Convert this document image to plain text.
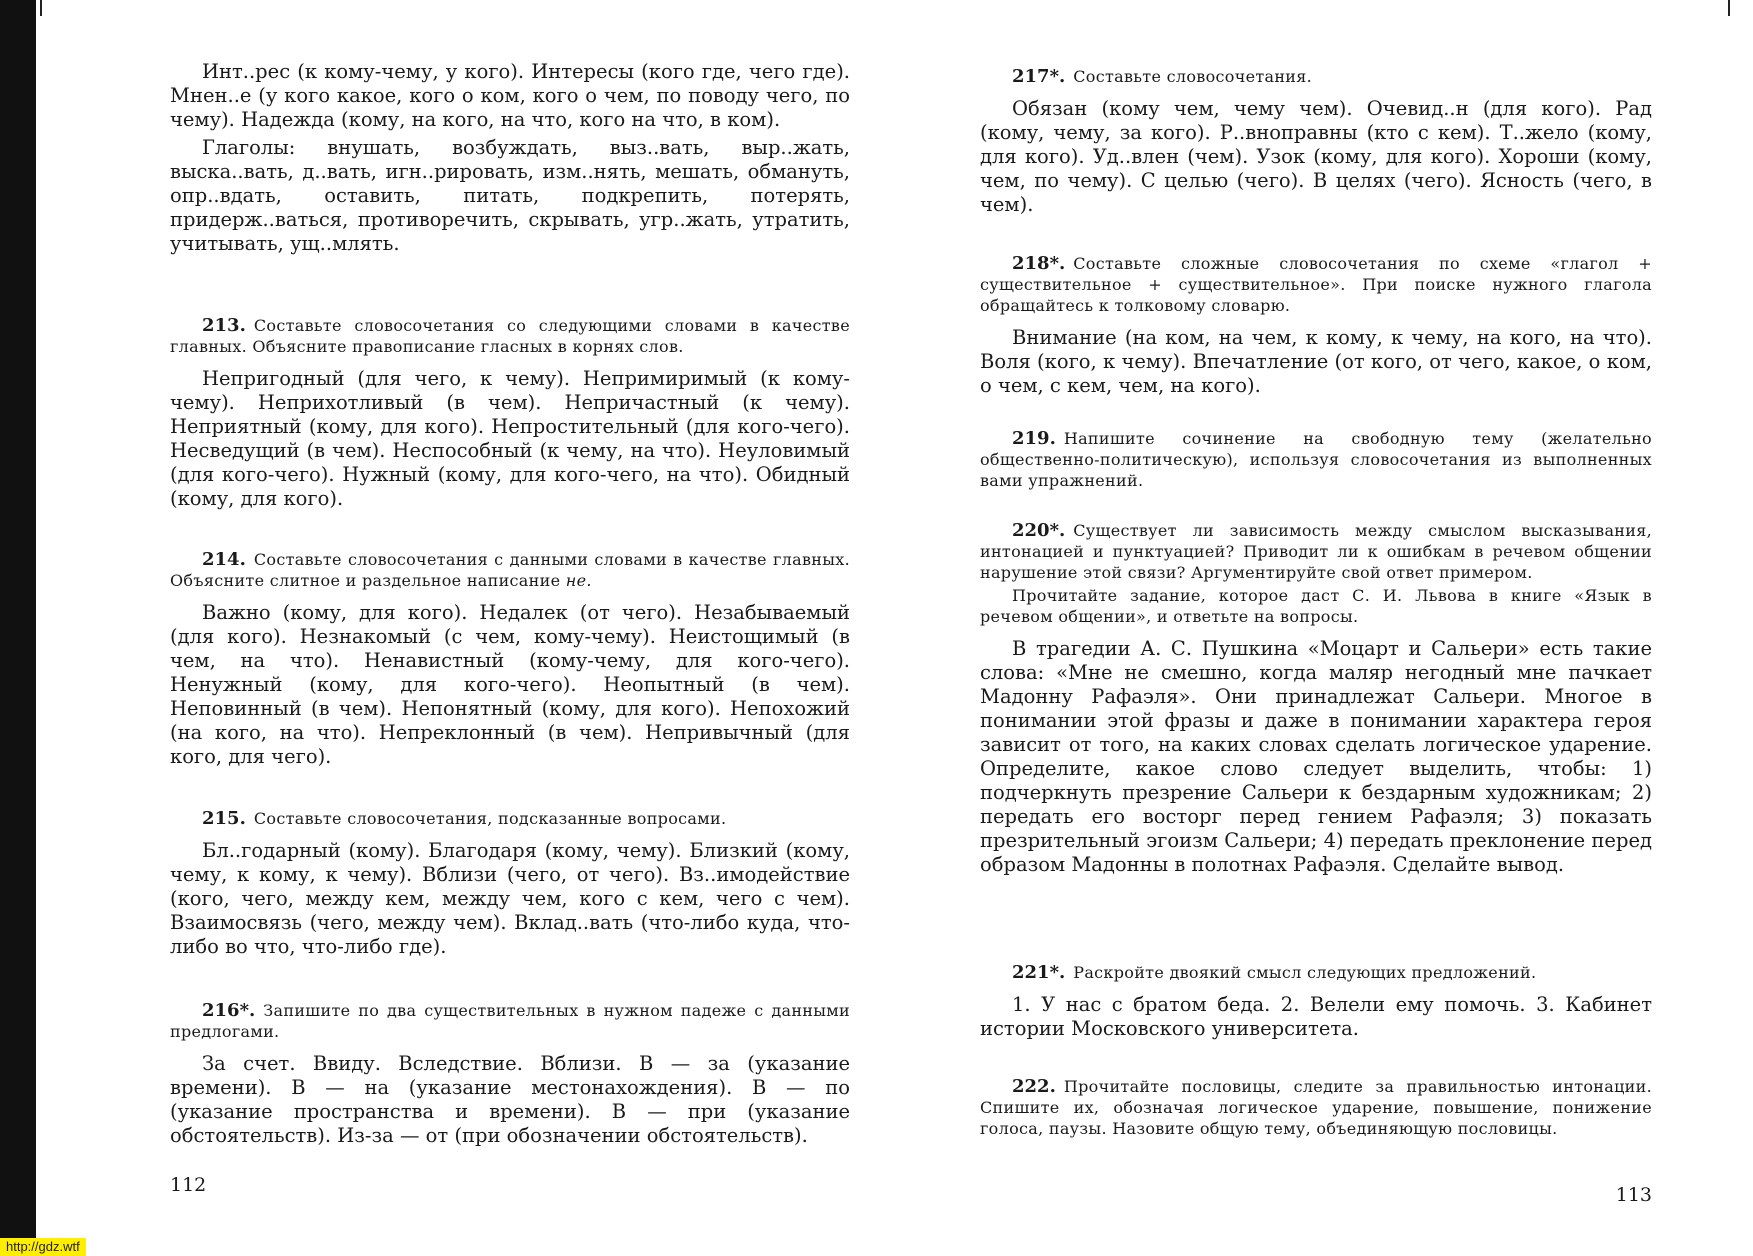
Инт..рес (к кому-чему, у кого). Интересы (кого где, чего где). Мнен..е (у кого какое, кого о ком, кого о чем, по поводу чего, по чему). Надежда (кому, на кого, на что, кого на что, в ком).

Глаголы: внушать, возбуждать, выз..вать, выр..жать, выска..вать, д..вать, игн..рировать, изм..нять, мешать, обмануть, опр..вдать, оставить, питать, подкрепить, потерять, придерж..ваться, противоречить, скрывать, угр..жать, утратить, учитывать, ущ..млять.

213. Составьте словосочетания со следующими словами в качестве главных. Объясните правописание гласных в корнях слов.

Непригодный (для чего, к чему). Непримиримый (к кому-чему). Неприхотливый (в чем). Непричастный (к чему). Неприятный (кому, для кого). Непростительный (для кого-чего). Несведущий (в чем). Неспособный (к чему, на что). Неуловимый (для кого-чего). Нужный (кому, для кого-чего, на что). Обидный (кому, для кого).

214. Составьте словосочетания с данными словами в качестве главных. Объясните слитное и раздельное написание не.

Важно (кому, для кого). Недалек (от чего). Незабываемый (для кого). Незнакомый (с чем, кому-чему). Неистощимый (в чем, на что). Ненавистный (кому-чему, для кого-чего). Ненужный (кому, для кого-чего). Неопытный (в чем). Неповинный (в чем). Непонятный (кому, для кого). Непохожий (на кого, на что). Непреклонный (в чем). Непривычный (для кого, для чего).

215. Составьте словосочетания, подсказанные вопросами.

Бл..годарный (кому). Благодаря (кому, чему). Близкий (кому, чему, к кому, к чему). Вблизи (чего, от чего). Вз..имодействие (кого, чего, между кем, между чем, кого с кем, чего с чем). Взаимосвязь (чего, между чем). Вклад..вать (что-либо куда, что-либо во что, что-либо где).

216*. Запишите по два существительных в нужном падеже с данными предлогами.

За счет. Ввиду. Вследствие. Вблизи. В — за (указание времени). В — на (указание местонахождения). В — по (указание пространства и времени). В — при (указание обстоятельств). Из-за — от (при обозначении обстоятельств).

112

217*. Составьте словосочетания.

Обязан (кому чем, чему чем). Очевид..н (для кого). Рад (кому, чему, за кого). Р..вноправны (кто с кем). Т..жело (кому, для кого). Уд..влен (чем). Узок (кому, для кого). Хороши (кому, чем, по чему). С целью (чего). В целях (чего). Ясность (чего, в чем).

218*. Составьте сложные словосочетания по схеме «глагол + существительное + существительное». При поиске нужного глагола обращайтесь к толковому словарю.

Внимание (на ком, на чем, к кому, к чему, на кого, на что). Воля (кого, к чему). Впечатление (от кого, от чего, какое, о ком, о чем, с кем, чем, на кого).

219. Напишите сочинение на свободную тему (желательно общественно-политическую), используя словосочетания из выполненных вами упражнений.

220*. Существует ли зависимость между смыслом высказывания, интонацией и пунктуацией? Приводит ли к ошибкам в речевом общении нарушение этой связи? Аргументируйте свой ответ примером.

Прочитайте задание, которое даст С. И. Львова в книге «Язык в речевом общении», и ответьте на вопросы.

В трагедии А. С. Пушкина «Моцарт и Сальери» есть такие слова: «Мне не смешно, когда маляр негодный мне пачкает Мадонну Рафаэля». Они принадлежат Сальери. Многое в понимании этой фразы и даже в понимании характера героя зависит от того, на каких словах сделать логическое ударение. Определите, какое слово следует выделить, чтобы: 1) подчеркнуть презрение Сальери к бездарным художникам; 2) передать его восторг перед гением Рафаэля; 3) показать презрительный эгоизм Сальери; 4) передать преклонение перед образом Мадонны в полотнах Рафаэля. Сделайте вывод.

221*. Раскройте двоякий смысл следующих предложений.

1. У нас с братом беда. 2. Велели ему помочь. 3. Кабинет истории Московского университета.

222. Прочитайте пословицы, следите за правильностью интонации. Спишите их, обозначая логическое ударение, повышение, понижение голоса, паузы. Назовите общую тему, объединяющую пословицы.

113
http://gdz.wtf
